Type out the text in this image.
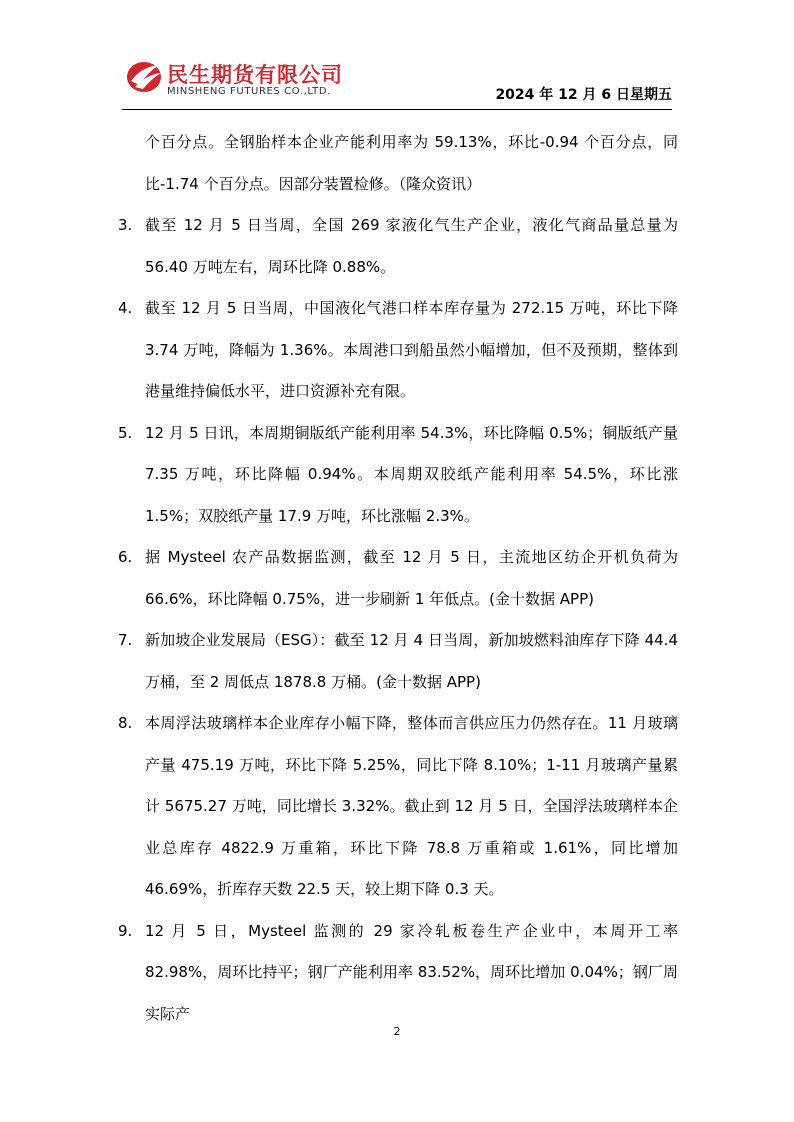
民生期货有限公司
MINSHENG FUTURES CO.,LTD.	2024 年 12 月 6 日星期五
个百分点。全钢胎样本企业产能利用率为 59.13%，环比-0.94 个百分点，同比-1.74 个百分点。因部分装置检修。（隆众资讯）
3. 截至 12 月 5 日当周，全国 269 家液化气生产企业，液化气商品量总量为 56.40 万吨左右，周环比降 0.88%。
4. 截至 12 月 5 日当周，中国液化气港口样本库存量为 272.15 万吨，环比下降 3.74 万吨，降幅为 1.36%。本周港口到船虽然小幅增加，但不及预期，整体到港量维持偏低水平，进口资源补充有限。
5. 12 月 5 日讯，本周期铜版纸产能利用率 54.3%，环比降幅 0.5%；铜版纸产量 7.35 万吨，环比降幅 0.94%。本周期双胶纸产能利用率 54.5%，环比涨 1.5%；双胶纸产量 17.9 万吨，环比涨幅 2.3%。
6. 据 Mysteel 农产品数据监测，截至 12 月 5 日，主流地区纺企开机负荷为 66.6%，环比降幅 0.75%，进一步刷新 1 年低点。(金十数据 APP)
7. 新加坡企业发展局（ESG）：截至 12 月 4 日当周，新加坡燃料油库存下降 44.4 万桶，至 2 周低点 1878.8 万桶。(金十数据 APP)
8. 本周浮法玻璃样本企业库存小幅下降，整体而言供应压力仍然存在。11 月玻璃产量 475.19 万吨，环比下降 5.25%，同比下降 8.10%；1-11 月玻璃产量累计 5675.27 万吨，同比增长 3.32%。截止到 12 月 5 日，全国浮法玻璃样本企业总库存 4822.9 万重箱，环比下降 78.8 万重箱或 1.61%，同比增加 46.69%，折库存天数 22.5 天，较上期下降 0.3 天。
9. 12 月 5 日，Mysteel 监测的 29 家冷轧板卷生产企业中，本周开工率 82.98%，周环比持平；钢厂产能利用率 83.52%，周环比增加 0.04%；钢厂周实际产
2
